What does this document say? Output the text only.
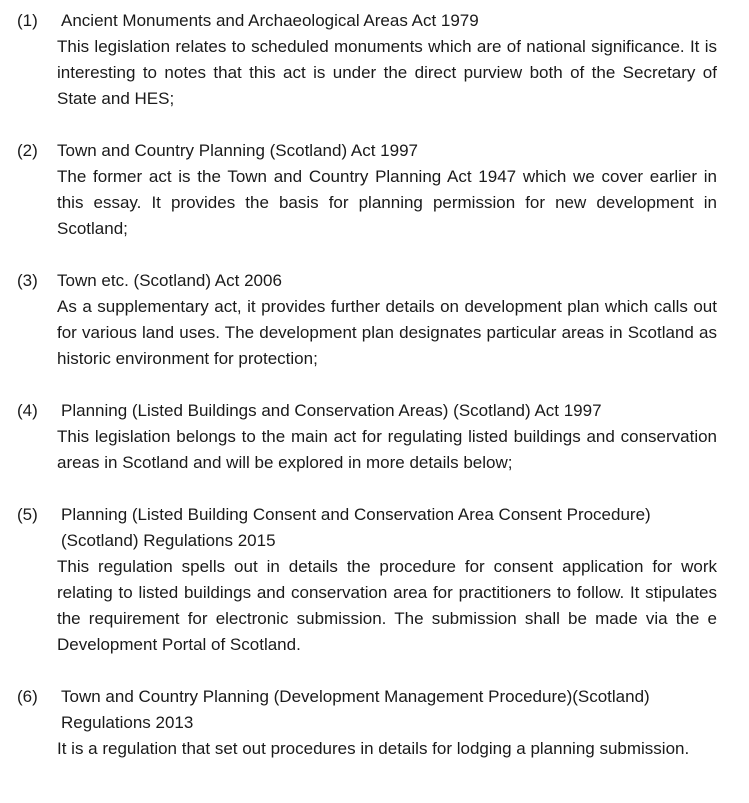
(1)	Ancient Monuments and Archaeological Areas Act 1979
This legislation relates to scheduled monuments which are of national significance. It is interesting to notes that this act is under the direct purview both of the Secretary of State and HES;
(2)	Town and Country Planning (Scotland) Act 1997
The former act is the Town and Country Planning Act 1947 which we cover earlier in this essay. It provides the basis for planning permission for new development in Scotland;
(3)	Town etc. (Scotland) Act 2006
As a supplementary act, it provides further details on development plan which calls out for various land uses. The development plan designates particular areas in Scotland as historic environment for protection;
(4)	Planning (Listed Buildings and Conservation Areas) (Scotland) Act 1997
This legislation belongs to the main act for regulating listed buildings and conservation areas in Scotland and will be explored in more details below;
(5)	Planning (Listed Building Consent and Conservation Area Consent Procedure) (Scotland) Regulations 2015
This regulation spells out in details the procedure for consent application for work relating to listed buildings and conservation area for practitioners to follow. It stipulates the requirement for electronic submission. The submission shall be made via the e Development Portal of Scotland.
(6)	Town and Country Planning (Development Management Procedure)(Scotland) Regulations 2013
It is a regulation that set out procedures in details for lodging a planning submission.
